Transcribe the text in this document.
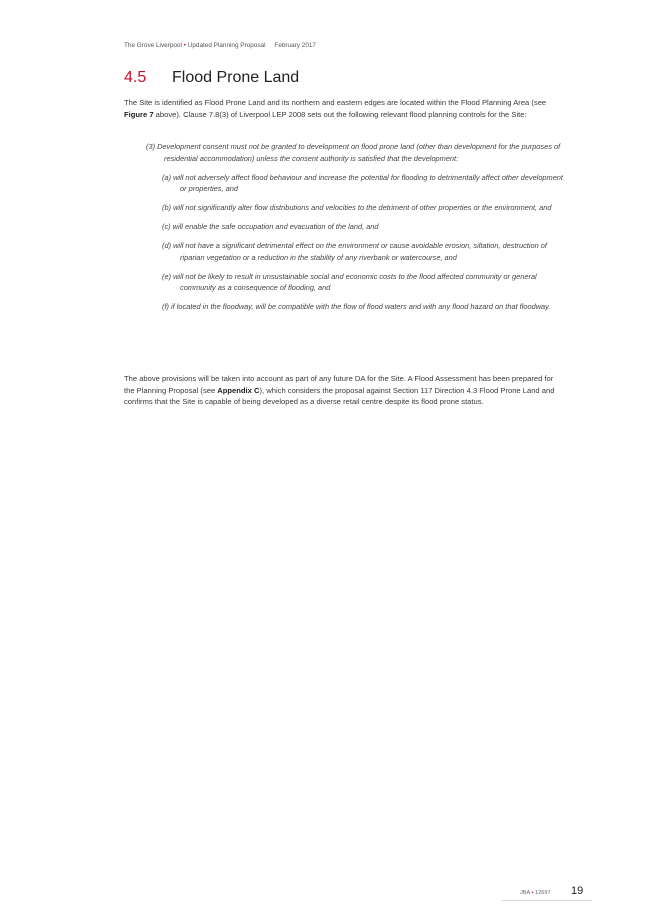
The Grove Liverpool • Updated Planning Proposal February 2017
4.5 Flood Prone Land

The Site is identified as Flood Prone Land and its northern and eastern edges are located within the Flood Planning Area (see Figure 7 above). Clause 7.8(3) of Liverpool LEP 2008 sets out the following relevant flood planning controls for the Site:

(3) Development consent must not be granted to development on flood prone land (other than development for the purposes of residential accommodation) unless the consent authority is satisfied that the development:

(a) will not adversely affect flood behaviour and increase the potential for flooding to detrimentally affect other development or properties, and

(b) will not significantly alter flow distributions and velocities to the detriment of other properties or the environment, and

(c) will enable the safe occupation and evacuation of the land, and

(d) will not have a significant detrimental effect on the environment or cause avoidable erosion, siltation, destruction of riparian vegetation or a reduction in the stability of any riverbank or watercourse, and

(e) will not be likely to result in unsustainable social and economic costs to the flood affected community or general community as a consequence of flooding, and

(f) if located in the floodway, will be compatible with the flow of flood waters and with any flood hazard on that floodway.

The above provisions will be taken into account as part of any future DA for the Site. A Flood Assessment has been prepared for the Planning Proposal (see Appendix C), which considers the proposal against Section 117 Direction 4.3 Flood Prone Land and confirms that the Site is capable of being developed as a diverse retail centre despite its flood prone status.

JBA • 12697 19
